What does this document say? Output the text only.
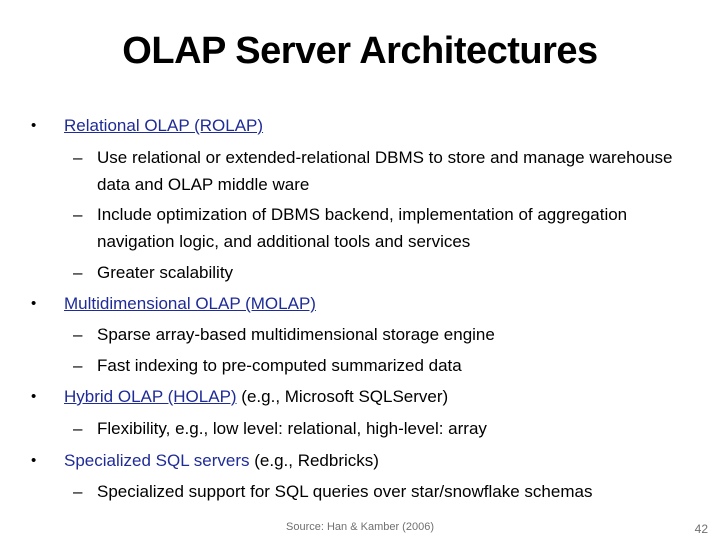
OLAP Server Architectures
•	Relational OLAP (ROLAP)
– Use relational or extended-relational DBMS to store and manage warehouse data and OLAP middle ware
– Include optimization of DBMS backend, implementation of aggregation navigation logic, and additional tools and services
– Greater scalability
•	Multidimensional OLAP (MOLAP)
– Sparse array-based multidimensional storage engine
– Fast indexing to pre-computed summarized data
•	Hybrid OLAP (HOLAP) (e.g., Microsoft SQLServer)
– Flexibility, e.g., low level: relational, high-level: array
•	Specialized SQL servers (e.g., Redbricks)
– Specialized support for SQL queries over star/snowflake schemas
Source: Han & Kamber (2006)	42
